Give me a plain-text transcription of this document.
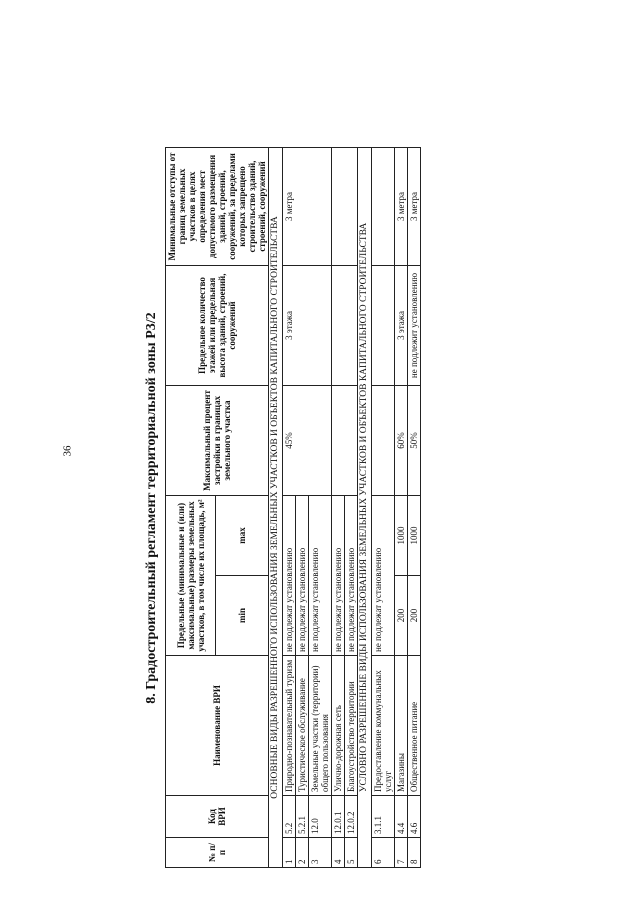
36	8. Градостроительный регламент территориальной зоны Р3/2
№ п/п	Код ВРИ	Наименование ВРИ	Предельные (минимальные и (или) максимальные) размеры земельных участков, в том числе их площадь, м²		Максимальный процент застройки в границах земельного участка	Предельное количество этажей или предельная высота зданий, строений, сооружений	Минимальные отступы от границ земельных участков в целях определения мест допустимого размещения зданий, строений, сооружений, за пределами которых запрещено строительство зданий, строений, сооружений
			min	max			
ОСНОВНЫЕ ВИДЫ РАЗРЕШЕННОГО ИСПОЛЬЗОВАНИЯ ЗЕМЕЛЬНЫХ УЧАСТКОВ И ОБЪЕКТОВ КАПИТАЛЬНОГО СТРОИТЕЛЬСТВА							
1	5.2	Природно-познавательный туризм	не подлежат установлению		45%	3 этажа	3 метра
2	5.2.1	Туристическое обслуживание	не подлежат установлению				
3	12.0	Земельные участки (территории) общего пользования	не подлежат установлению				
4	12.0.1	Улично-дорожная сеть	не подлежат установлению				
5	12.0.2	Благоустройство территории	не подлежат установлению				
УСЛОВНО РАЗРЕШЕННЫЕ ВИДЫ ИСПОЛЬЗОВАНИЯ ЗЕМЕЛЬНЫХ УЧАСТКОВ И ОБЪЕКТОВ КАПИТАЛЬНОГО СТРОИТЕЛЬСТВА							
6	3.1.1	Предоставление коммунальных услуг	не подлежат установлению				
7	4.4	Магазины	200	1000	60%	3 этажа	3 метра
8	4.6	Общественное питание	200	1000	50%	не подлежит установлению	3 метра
